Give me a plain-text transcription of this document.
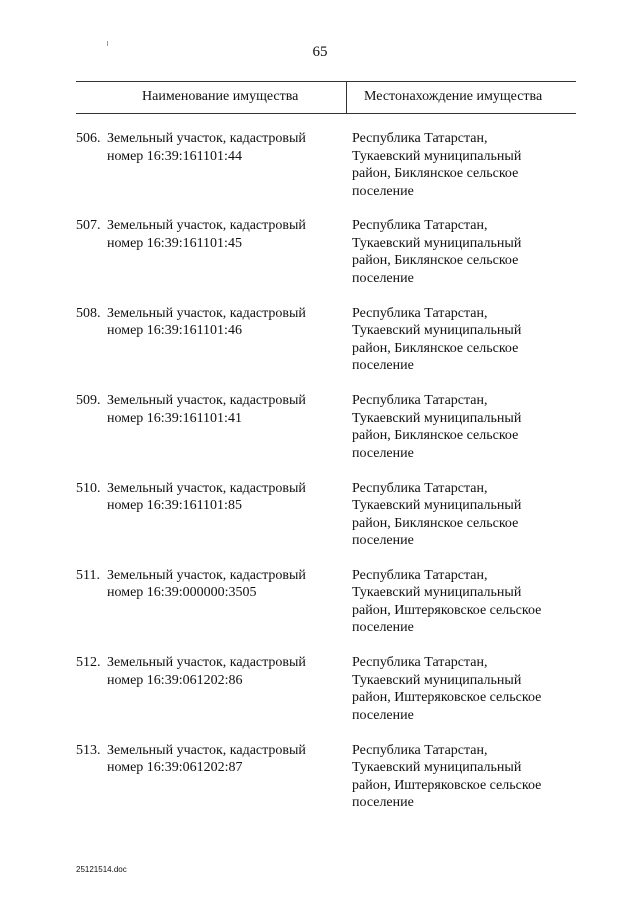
65
Наименование имущества	Местонахождение имущества
506. Земельный участок, кадастровый
номер 16:39:161101:44
Республика Татарстан,
Тукаевский муниципальный
район, Биклянское сельское
поселение
507. Земельный участок, кадастровый
номер 16:39:161101:45
Республика Татарстан,
Тукаевский муниципальный
район, Биклянское сельское
поселение
508. Земельный участок, кадастровый
номер 16:39:161101:46
Республика Татарстан,
Тукаевский муниципальный
район, Биклянское сельское
поселение
509. Земельный участок, кадастровый
номер 16:39:161101:41
Республика Татарстан,
Тукаевский муниципальный
район, Биклянское сельское
поселение
510. Земельный участок, кадастровый
номер 16:39:161101:85
Республика Татарстан,
Тукаевский муниципальный
район, Биклянское сельское
поселение
511. Земельный участок, кадастровый
номер 16:39:000000:3505
Республика Татарстан,
Тукаевский муниципальный
район, Иштеряковское сельское
поселение
512. Земельный участок, кадастровый
номер 16:39:061202:86
Республика Татарстан,
Тукаевский муниципальный
район, Иштеряковское сельское
поселение
513. Земельный участок, кадастровый
номер 16:39:061202:87
Республика Татарстан,
Тукаевский муниципальный
район, Иштеряковское сельское
поселение
25121514.doc
